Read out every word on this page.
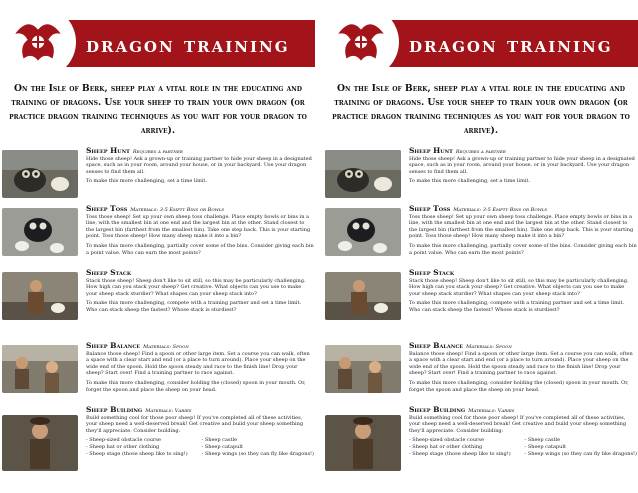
dragon training
On the Isle of Berk, sheep play a vital role in the educating and training of dragons. Use your sheep to train your own dragon (or practice dragon training techniques as you wait for your dragon to arrive).
Sheep Hunt Requires a partner

Hide those sheep! Ask a grown-up or training partner to hide your sheep in a designated space, such as in your room, around your house, or in your backyard. Use your dragon senses to find them all.

To make this more challenging, set a time limit.

Sheep Toss Materials: 3-5 Empty Bins or Bowls

Toss those sheep! Set up your own sheep toss challenge. Place empty bowls or bins in a line, with the smallest bin at one end and the largest bin at the other. Stand closest to the largest bin (farthest from the smallest bin). Take one step back. This is your starting point. Toss those sheep! How many sheep make it into a bin?

To make this more challenging, partially cover some of the bins. Consider giving each bin a point value. Who can earn the most points?

Sheep Stack

Stack those sheep! Sheep don't like to sit still, so this may be particularly challenging. How high can you stack your sheep? Get creative. What objects can you use to make your sheep stack sturdier? What shapes can your sheep stack into?

To make this more challenging, compete with a training partner and set a time limit. Who can stack sheep the fastest? Whose stack is sturdiest?

Sheep Balance Materials: Spoon

Balance those sheep! Find a spoon or other large item. Set a course you can walk, often a space with a clear start and end (or a place to turn around). Place your sheep on the wide end of the spoon. Hold the spoon steady and race to the finish line! Drop your sheep? Start over! Find a training partner to race against.

To make this more challenging, consider holding the (closed) spoon in your mouth. Or, forget the spoon and place the sheep on your head.

Sheep Building Materials: Varies

Build something cool for those poor sheep! If you've completed all of these activities, your sheep need a well-deserved break! Get creative and build your sheep something they'll appreciate. Consider building:

- Sheep-sized obstacle course	- Sheep castle
- Sheep hat or other clothing	- Sheep catapult
- Sheep stage (those sheep like to sing!)	- Sheep wings (so they can fly like dragons!)
dragon training
On the Isle of Berk, sheep play a vital role in the educating and training of dragons. Use your sheep to train your own dragon (or practice dragon training techniques as you wait for your dragon to arrive).
Sheep Hunt Requires a partner

Hide those sheep! Ask a grown-up or training partner to hide your sheep in a designated space, such as in your room, around your house, or in your backyard. Use your dragon senses to find them all.

To make this more challenging, set a time limit.

Sheep Toss Materials: 3-5 Empty Bins or Bowls

Toss those sheep! Set up your own sheep toss challenge. Place empty bowls or bins in a line, with the smallest bin at one end and the largest bin at the other. Stand closest to the largest bin (farthest from the smallest bin). Take one step back. This is your starting point. Toss those sheep! How many sheep make it into a bin?

To make this more challenging, partially cover some of the bins. Consider giving each bin a point value. Who can earn the most points?

Sheep Stack

Stack those sheep! Sheep don't like to sit still, so this may be particularly challenging. How high can you stack your sheep? Get creative. What objects can you use to make your sheep stack sturdier? What shapes can your sheep stack into?

To make this more challenging, compete with a training partner and set a time limit. Who can stack sheep the fastest? Whose stack is sturdiest?

Sheep Balance Materials: Spoon

Balance those sheep! Find a spoon or other large item. Set a course you can walk, often a space with a clear start and end (or a place to turn around). Place your sheep on the wide end of the spoon. Hold the spoon steady and race to the finish line! Drop your sheep? Start over! Find a training partner to race against.

To make this more challenging, consider holding the (closed) spoon in your mouth. Or, forget the spoon and place the sheep on your head.

Sheep Building Materials: Varies

Build something cool for those poor sheep! If you've completed all of these activities, your sheep need a well-deserved break! Get creative and build your sheep something they'll appreciate. Consider building:

- Sheep-sized obstacle course	- Sheep castle
- Sheep hat or other clothing	- Sheep catapult
- Sheep stage (those sheep like to sing!)	- Sheep wings (so they can fly like dragons!)
